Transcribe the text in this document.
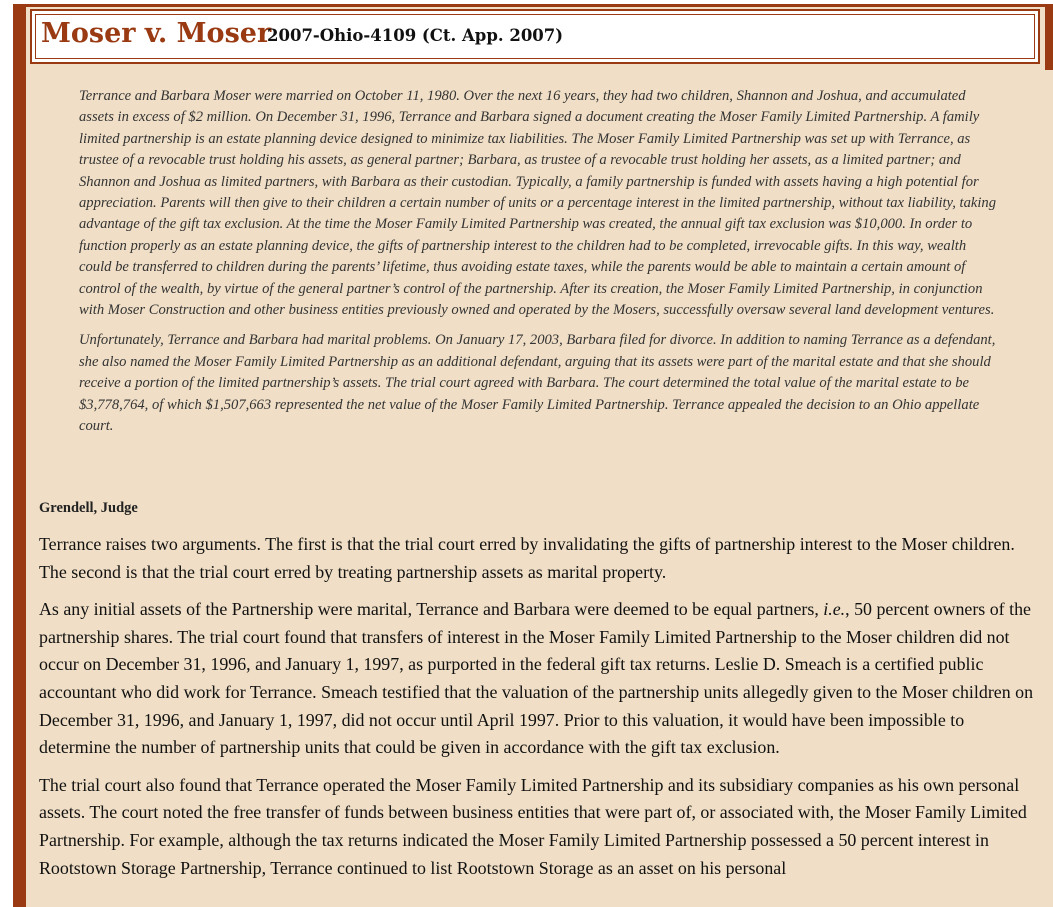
Moser v. Moser
2007-Ohio-4109 (Ct. App. 2007)

Terrance and Barbara Moser were married on October 11, 1980. Over the next 16 years, they had two children, Shannon and Joshua, and accumulated assets in excess of $2 million. On December 31, 1996, Terrance and Barbara signed a document creating the Moser Family Limited Partnership. A family limited partnership is an estate planning device designed to minimize tax liabilities. The Moser Family Limited Partnership was set up with Terrance, as trustee of a revocable trust holding his assets, as general partner; Barbara, as trustee of a revocable trust holding her assets, as a limited partner; and Shannon and Joshua as limited partners, with Barbara as their custodian. Typically, a family partnership is funded with assets having a high potential for appreciation. Parents will then give to their children a certain number of units or a percentage interest in the limited partnership, without tax liability, taking advantage of the gift tax exclusion. At the time the Moser Family Limited Partnership was created, the annual gift tax exclusion was $10,000. In order to function properly as an estate planning device, the gifts of partnership interest to the children had to be completed, irrevocable gifts. In this way, wealth could be transferred to children during the parents’ lifetime, thus avoiding estate taxes, while the parents would be able to maintain a certain amount of control of the wealth, by virtue of the general partner’s control of the partnership. After its creation, the Moser Family Limited Partnership, in conjunction with Moser Construction and other business entities previously owned and operated by the Mosers, successfully oversaw several land development ventures.

Unfortunately, Terrance and Barbara had marital problems. On January 17, 2003, Barbara filed for divorce. In addition to naming Terrance as a defendant, she also named the Moser Family Limited Partnership as an additional defendant, arguing that its assets were part of the marital estate and that she should receive a portion of the limited partnership’s assets. The trial court agreed with Barbara. The court determined the total value of the marital estate to be $3,778,764, of which $1,507,663 represented the net value of the Moser Family Limited Partnership. Terrance appealed the decision to an Ohio appellate court.

Grendell, Judge

Terrance raises two arguments. The first is that the trial court erred by invalidating the gifts of partnership interest to the Moser children. The second is that the trial court erred by treating partnership assets as marital property.

As any initial assets of the Partnership were marital, Terrance and Barbara were deemed to be equal partners, i.e., 50 percent owners of the partnership shares. The trial court found that transfers of interest in the Moser Family Limited Partnership to the Moser children did not occur on December 31, 1996, and January 1, 1997, as purported in the federal gift tax returns. Leslie D. Smeach is a certified public accountant who did work for Terrance. Smeach testified that the valuation of the partnership units allegedly given to the Moser children on December 31, 1996, and January 1, 1997, did not occur until April 1997. Prior to this valuation, it would have been impossible to determine the number of partnership units that could be given in accordance with the gift tax exclusion.

The trial court also found that Terrance operated the Moser Family Limited Partnership and its subsidiary companies as his own personal assets. The court noted the free transfer of funds between business entities that were part of, or associated with, the Moser Family Limited Partnership. For example, although the tax returns indicated the Moser Family Limited Partnership possessed a 50 percent interest in Rootstown Storage Partnership, Terrance continued to list Rootstown Storage as an asset on his personal
